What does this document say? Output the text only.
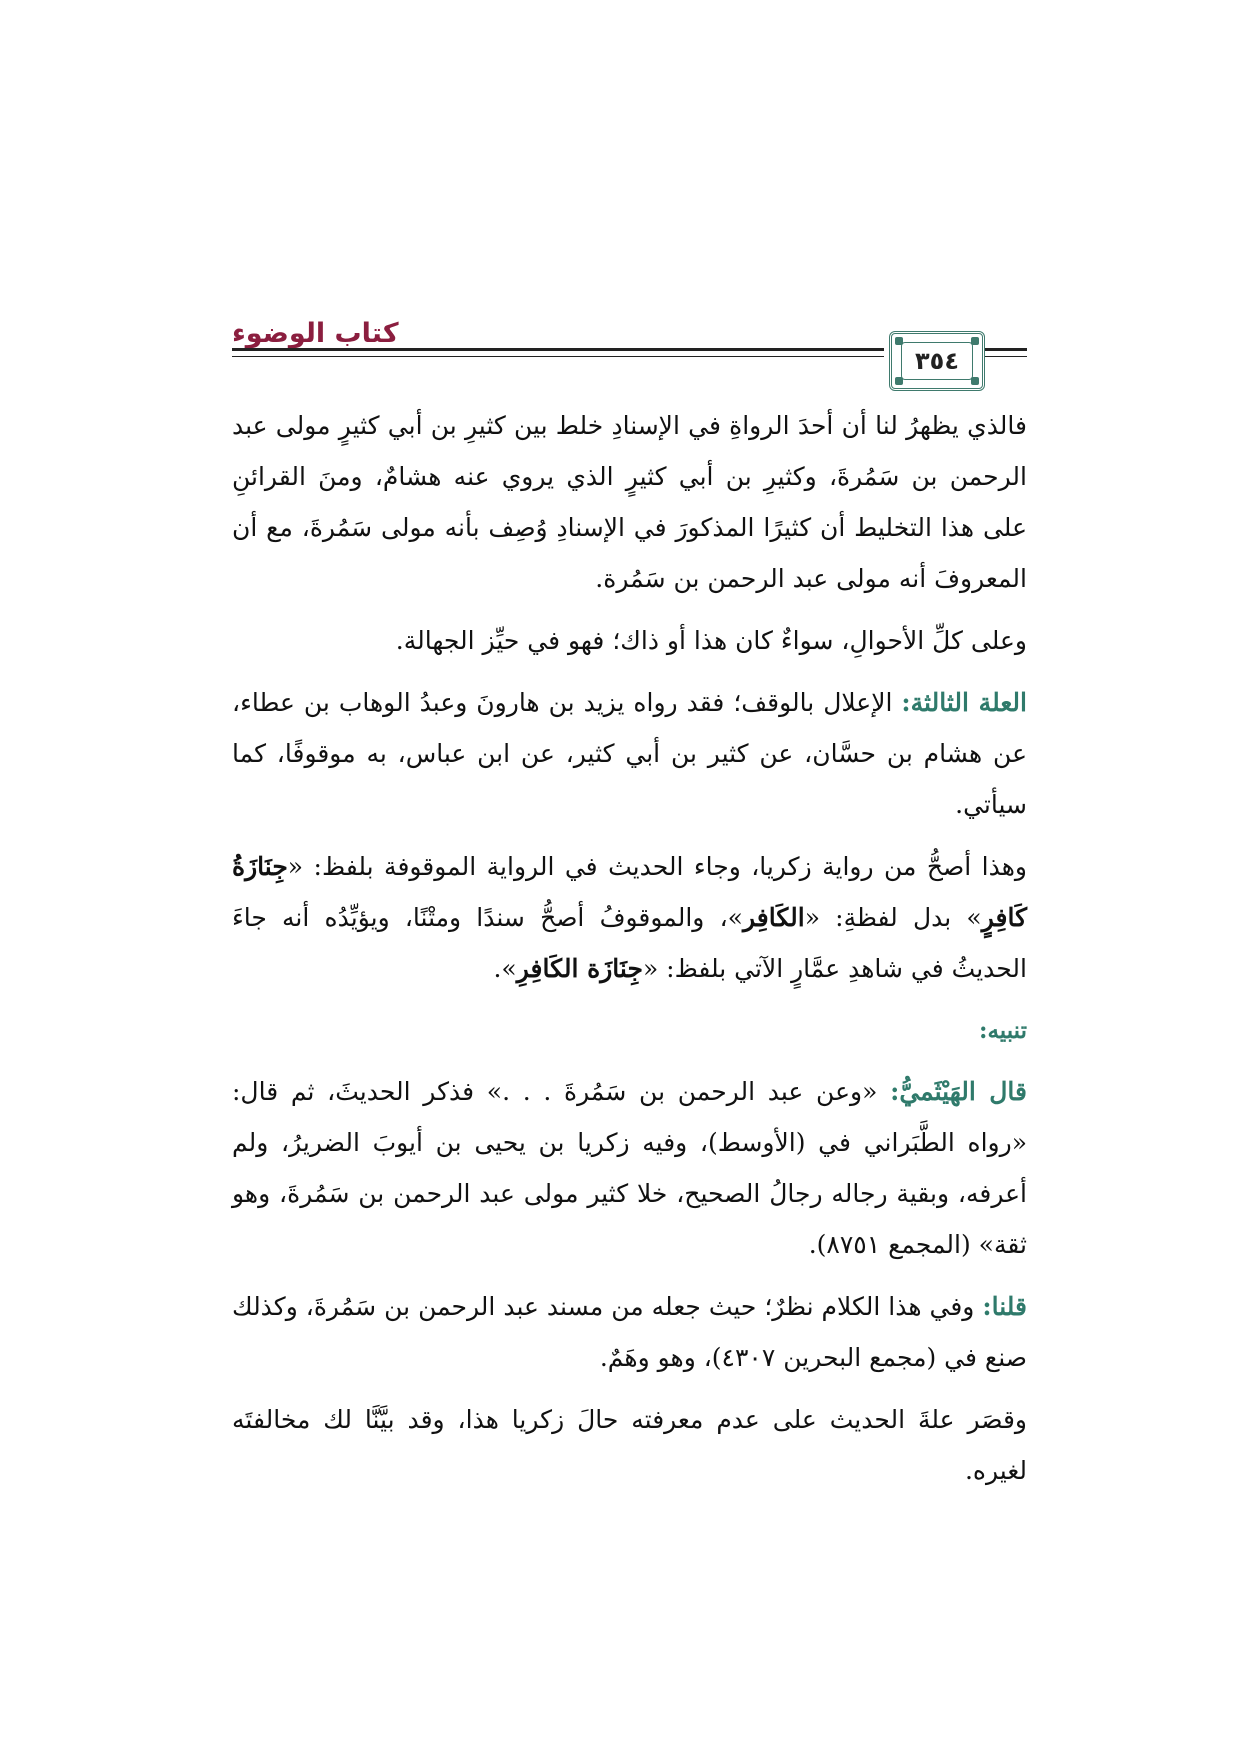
كتاب الوضوء
٣٥٤

فالذي يظهرُ لنا أن أحدَ الرواةِ في الإسنادِ خلط بين كثيرِ بن أبي كثيرٍ مولى عبد الرحمن بن سَمُرةَ، وكثيرِ بن أبي كثيرٍ الذي يروي عنه هشامٌ، ومنَ القرائنِ على هذا التخليط أن كثيرًا المذكورَ في الإسنادِ وُصِف بأنه مولى سَمُرةَ، مع أن المعروفَ أنه مولى عبد الرحمن بن سَمُرة.

وعلى كلِّ الأحوالِ، سواءٌ كان هذا أو ذاك؛ فهو في حيِّز الجهالة.

العلة الثالثة: الإعلال بالوقف؛ فقد رواه يزيد بن هارونَ وعبدُ الوهاب بن عطاء، عن هشام بن حسَّان، عن كثير بن أبي كثير، عن ابن عباس، به موقوفًا، كما سيأتي.

وهذا أصحُّ من رواية زكريا، وجاء الحديث في الرواية الموقوفة بلفظ: «جِنَازَةُ كَافِرٍ» بدل لفظةِ: «الكَافِر»، والموقوفُ أصحُّ سندًا ومتْنًا، ويؤيِّدُه أنه جاءَ الحديثُ في شاهدِ عمَّارٍ الآتي بلفظ: «جِنَازَة الكَافِرِ».

تنبيه:

قال الهَيْثَميُّ: «وعن عبد الرحمن بن سَمُرةَ . . .» فذكر الحديثَ، ثم قال: «رواه الطَّبَراني في (الأوسط)، وفيه زكريا بن يحيى بن أيوبَ الضريرُ، ولم أعرفه، وبقية رجاله رجالُ الصحيح، خلا كثير مولى عبد الرحمن بن سَمُرةَ، وهو ثقة» (المجمع ٨٧٥١).

قلنا: وفي هذا الكلام نظرٌ؛ حيث جعله من مسند عبد الرحمن بن سَمُرةَ، وكذلك صنع في (مجمع البحرين ٤٣٠٧)، وهو وهَمٌ.

وقصَر علةَ الحديث على عدم معرفته حالَ زكريا هذا، وقد بيَّنَّا لك مخالفتَه لغيره.
